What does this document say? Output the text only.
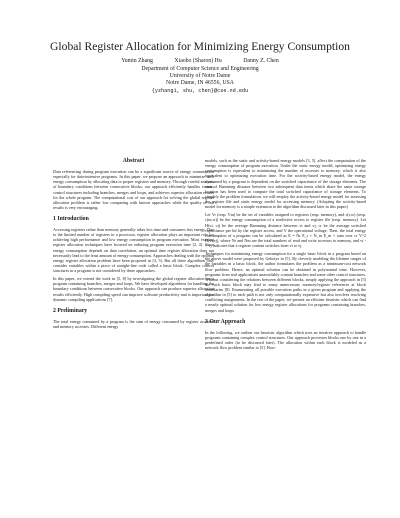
Global Register Allocation for Minimizing Energy Consumption
Yumin Zhang	Xiaobo (Sharon) Hu	Danny Z. Chen
Department of Computer Science and Engineering
University of Notre Dame
Notre Dame, IN 46556, USA
{yzhang1, shu, chen}@cse.nd.edu
Abstract

Data referencing during program execution can be a significant source of energy consumption especially for data-intensive programs. In this paper, we propose an approach to minimize such energy consumption by allocating data to proper registers and memory. Through careful analysis of boundary conditions between consecutive blocks, our approach efficiently handles various control structures including branches, merges and loops, and achieves superior allocation results for the whole program. The computational cost of our approach for solving the global register allocation problem is rather low comparing with known approaches while the quality of our results is very encouraging.

1 Introduction

Accessing registers rather than memory generally takes less time and consumes less energy. Due to the limited number of registers in a processor, register allocation plays an important role for achieving high performance and low energy consumption in program execution. Most existing register allocation techniques have focused on reducing program execution time [2, 4]. Since energy consumption depends on data correlation, an optimal time register allocation does not necessarily lead to the least amount of energy consumption. Approaches dealing with the optimal energy register allocation problem have been proposed in [3, 5]. But all these algorithms only consider variables within a piece of straight-line code called a basic block. Complex control structures in a program is not considered by these approaches.

In this paper, we extend the work in [5, 8] by investigating the global register allocation for a program containing branches, merges and loops. We have developed algorithms for handling the boundary conditions between consecutive blocks. Our approach can produce superior allocation results efficiently. High compiling speed can improve software productivity and is important for dynamic compiling applications [7].

2 Preliminary

The total energy consumed by a program is the sum of energy consumed by register accesses and memory accesses. Different energy

models, such as the static and activity-based energy models [3, 5], affect the computation of the energy consumption of program execution. Under the static energy model, optimizing energy consumption is equivalent to minimizing the number of accesses to memory, which is also equivalent to optimizing execution time. For the activity-based energy model, the energy consumed by a program is dependent on the switched capacitance of the storage elements. The sum of Hamming distance between two subsequent data items which share the same storage location has been used to compute the total switched capacitance of storage elements. To simplify the problem formulation, we will employ the activity-based energy model for assessing the register file and static energy model for accessing memory. (Adopting the activity-based model for memory is a simple extension to the algorithm discussed later in this paper.)

Let Vr (resp. Vm) be the set of variables assigned to registers (resp. memory), and c(r,w) (resp. c(m,w)) be the energy consumption of a read/write access to register file (resp. memory). Let H(vi, vj) be the average Hamming distance between vi and vj, cr be the average switched capacitance per bit by the register access, and V the operational voltage. Then, the total energy consumption of a program can be calculated as E = Nr E_r + N_m E_m + sum over cr V^2 H(vi,vj), where Nr and Nm are the total numbers of read and write accesses to memory, and vi -> vj indicates that a register content switches from vi to vj.

Techniques for minimizing energy consumption for a single basic block in a program based on the above model were proposed by Gebotys in [5]. By cleverly modeling the lifetime ranges of the variables in a basic block, the author formulates the problem as a minimum-cost network flow problem. Hence, an optimal solution can be obtained in polynomial time. However, programs from real applications unavoidably contain branches and some other control structures. Without considering the relations between different blocks, simply applying the approach in [5] for each basic block may lead to many unnecessary memory/register references at block boundaries [8]. Enumerating all possible execution paths in a given program and applying the algorithm in [5] to each path is not only computationally expensive but also involves resolving conflicting assignments. In the rest of the paper, we present an efficient heuristic which can find a nearly optimal solution for low energy register allocations for programs containing branches, merges and loops.

3 Our Approach

In the following, we outline our heuristic algorithm which uses an iterative approach to handle programs containing complex control structures. Our approach processes blocks one by one in a predefined order (to be discussed later). The allocation within each block is modeled as a network flow problem similar to [5]. How-
